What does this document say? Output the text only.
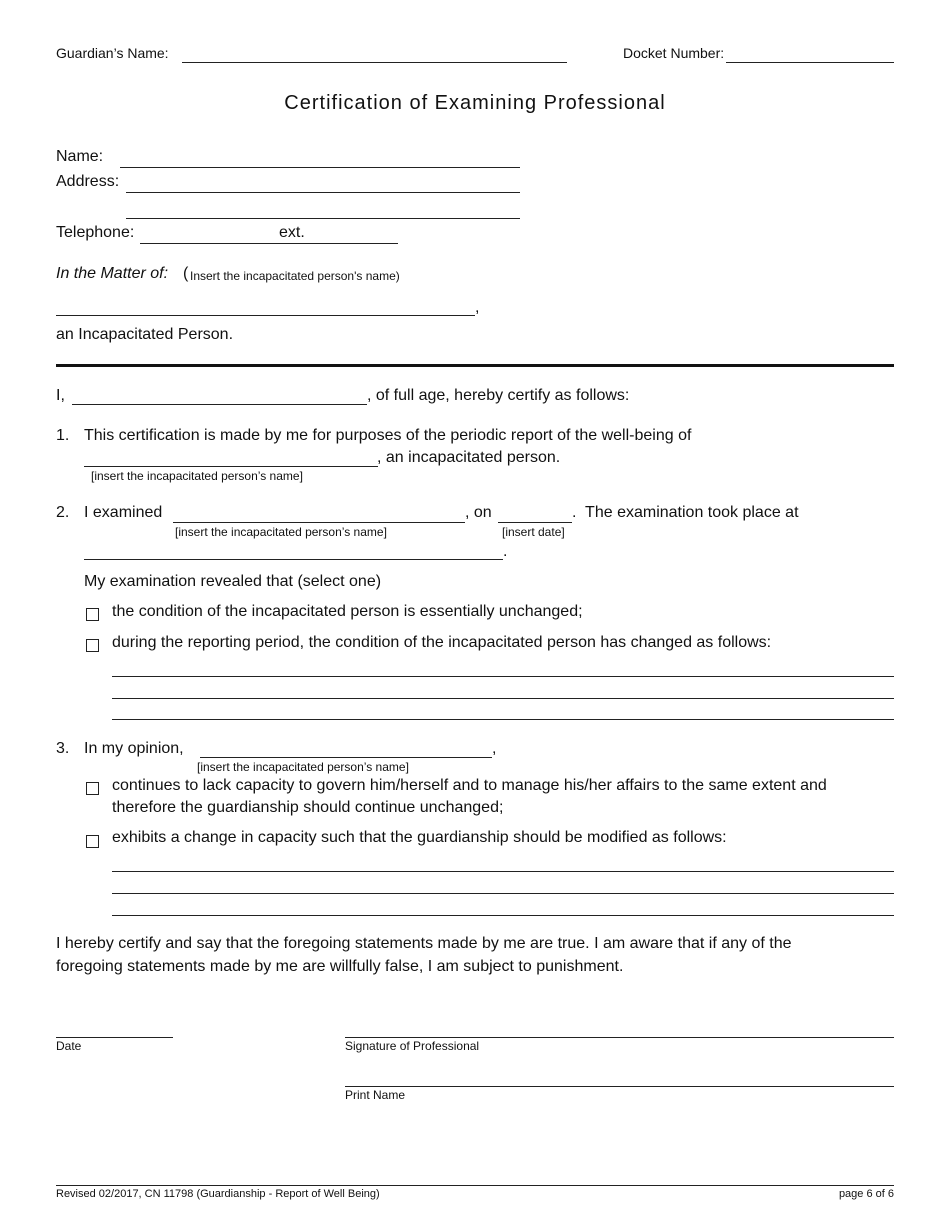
Guardian’s Name:	Docket Number:
Certification of Examining Professional
Name:
Address:
Telephone:	ext.
In the Matter of: ( Insert the incapacitated person's name)
,
an Incapacitated Person.
I,	, of full age, hereby certify as follows:
1. This certification is made by me for purposes of the periodic report of the well-being of
, an incapacitated person.
[insert the incapacitated person’s name]
2. I examined	, on	.  The examination took place at
[insert the incapacitated person’s name]	[insert date]
.
My examination revealed that (select one)
the condition of the incapacitated person is essentially unchanged;
during the reporting period, the condition of the incapacitated person has changed as follows:
3. In my opinion,	,
[insert the incapacitated person’s name]
continues to lack capacity to govern him/herself and to manage his/her affairs to the same extent and
therefore the guardianship should continue unchanged;
exhibits a change in capacity such that the guardianship should be modified as follows:
I hereby certify and say that the foregoing statements made by me are true. I am aware that if any of the
foregoing statements made by me are willfully false, I am subject to punishment.
Date	Signature of Professional
Print Name
Revised 02/2017, CN 11798 (Guardianship - Report of Well Being)	page 6 of 6
